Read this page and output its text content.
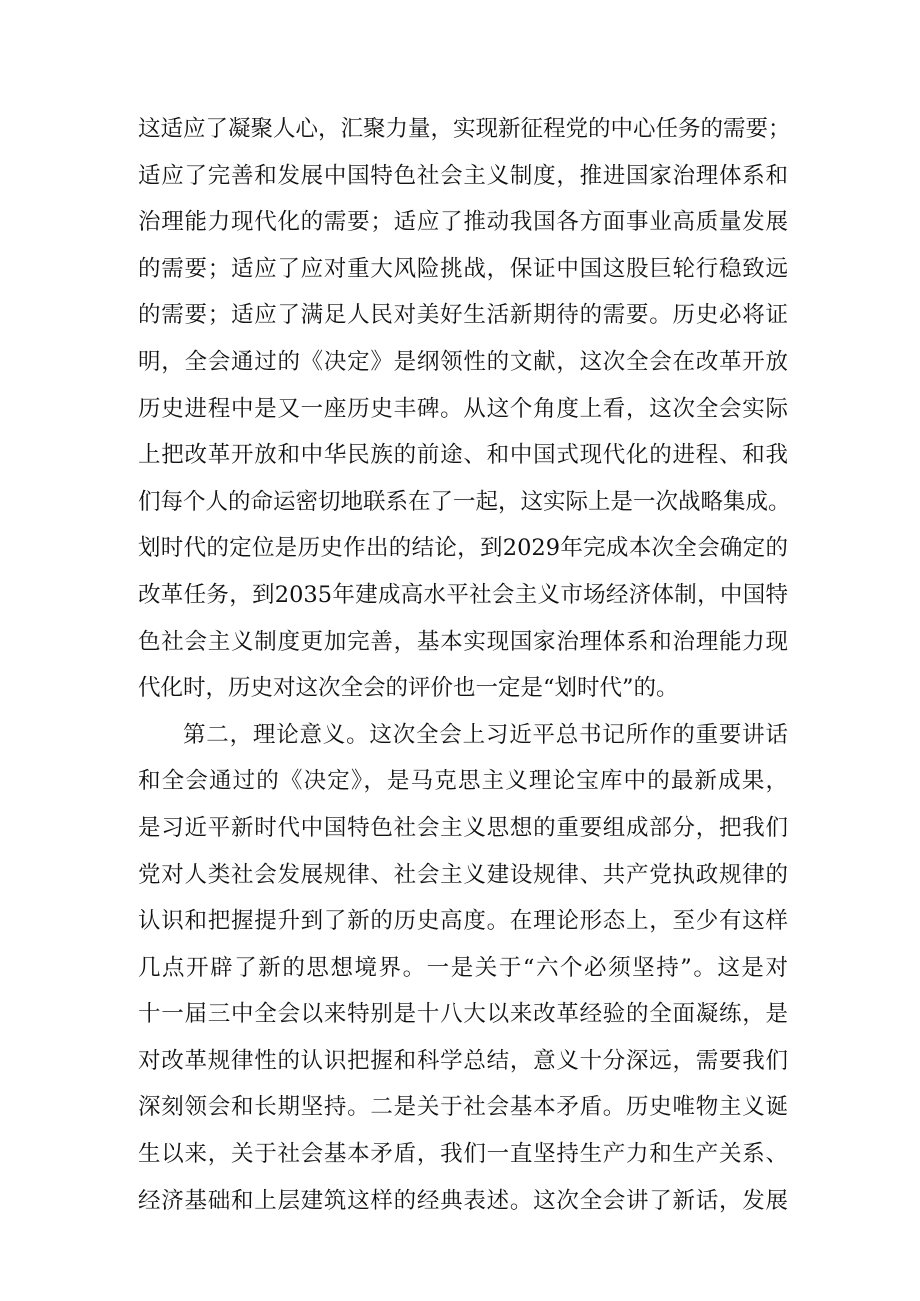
这适应了凝聚人心，汇聚力量，实现新征程党的中心任务的需要；
适应了完善和发展中国特色社会主义制度，推进国家治理体系和
治理能力现代化的需要；适应了推动我国各方面事业高质量发展
的需要；适应了应对重大风险挑战，保证中国这股巨轮行稳致远
的需要；适应了满足人民对美好生活新期待的需要。历史必将证
明，全会通过的《决定》是纲领性的文献，这次全会在改革开放
历史进程中是又一座历史丰碑。从这个角度上看，这次全会实际
上把改革开放和中华民族的前途、和中国式现代化的进程、和我
们每个人的命运密切地联系在了一起，这实际上是一次战略集成。
划时代的定位是历史作出的结论，到2029年完成本次全会确定的
改革任务，到2035年建成高水平社会主义市场经济体制，中国特
色社会主义制度更加完善，基本实现国家治理体系和治理能力现
代化时，历史对这次全会的评价也一定是“划时代”的。
第二，理论意义。这次全会上习近平总书记所作的重要讲话
和全会通过的《决定》，是马克思主义理论宝库中的最新成果，
是习近平新时代中国特色社会主义思想的重要组成部分，把我们
党对人类社会发展规律、社会主义建设规律、共产党执政规律的
认识和把握提升到了新的历史高度。在理论形态上，至少有这样
几点开辟了新的思想境界。一是关于“六个必须坚持”。这是对
十一届三中全会以来特别是十八大以来改革经验的全面凝练，是
对改革规律性的认识把握和科学总结，意义十分深远，需要我们
深刻领会和长期坚持。二是关于社会基本矛盾。历史唯物主义诞
生以来，关于社会基本矛盾，我们一直坚持生产力和生产关系、
经济基础和上层建筑这样的经典表述。这次全会讲了新话，发展
